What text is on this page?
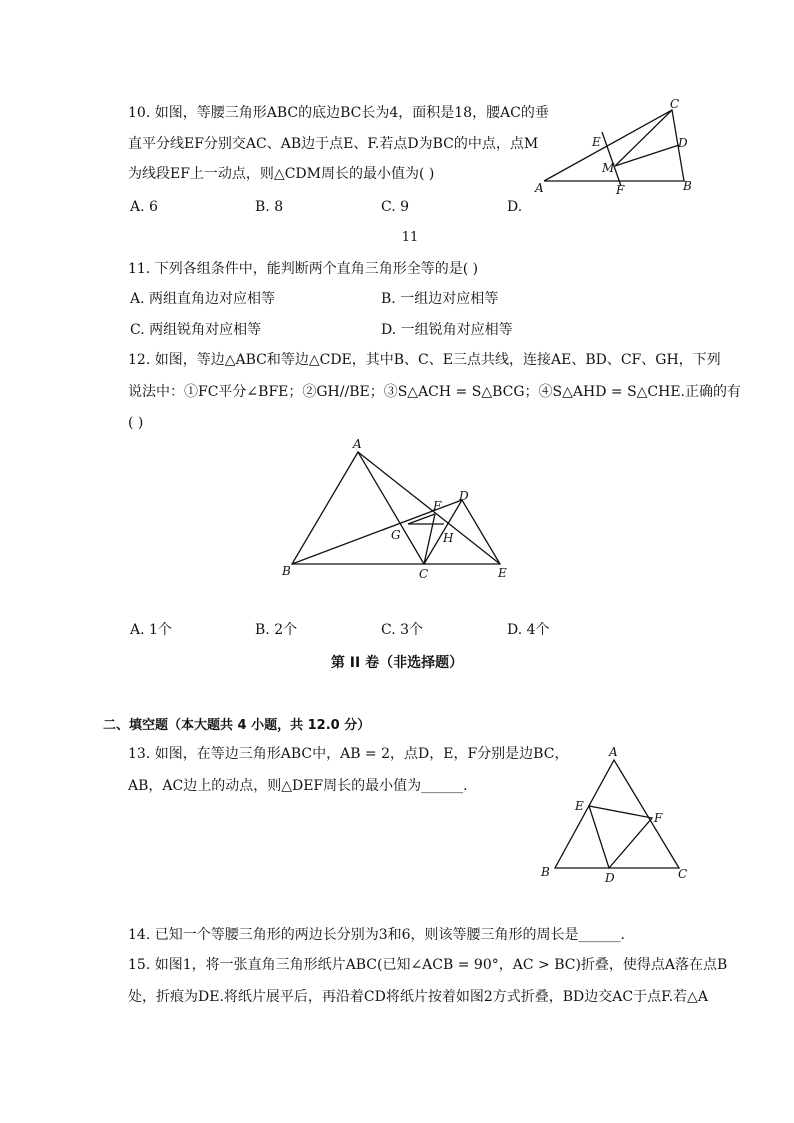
10. 如图，等腰三角形ABC的底边BC长为4，面积是18，腰AC的垂
直平分线EF分别交AC、AB边于点E、F.若点D为BC的中点，点M
为线段EF上一动点，则△CDM周长的最小值为( )
A. 6	B. 8	C. 9	D.
11
C
E	D
M
A	F	B
11. 下列各组条件中，能判断两个直角三角形全等的是( )
A. 两组直角边对应相等	B. 一组边对应相等
C. 两组锐角对应相等	D. 一组锐角对应相等
12. 如图，等边△ABC和等边△CDE，其中B、C、E三点共线，连接AE、BD、CF、GH，下列
说法中：①FC平分∠BFE；②GH//BE；③S△ACH = S△BCG；④S△AHD = S△CHE.正确的有
( )
A
D
F
G	H
B	C	E
A. 1个	B. 2个	C. 3个	D. 4个
第 II 卷（非选择题）
二、填空题（本大题共 4 小题，共 12.0 分）
13. 如图，在等边三角形ABC中，AB = 2，点D，E，F分别是边BC，
AB，AC边上的动点，则△DEF周长的最小值为______.
A
E
F
B	D	C
14. 已知一个等腰三角形的两边长分别为3和6，则该等腰三角形的周长是______.
15. 如图1，将一张直角三角形纸片ABC(已知∠ACB = 90°，AC > BC)折叠，使得点A落在点B
处，折痕为DE.将纸片展平后，再沿着CD将纸片按着如图2方式折叠，BD边交AC于点F.若△A
